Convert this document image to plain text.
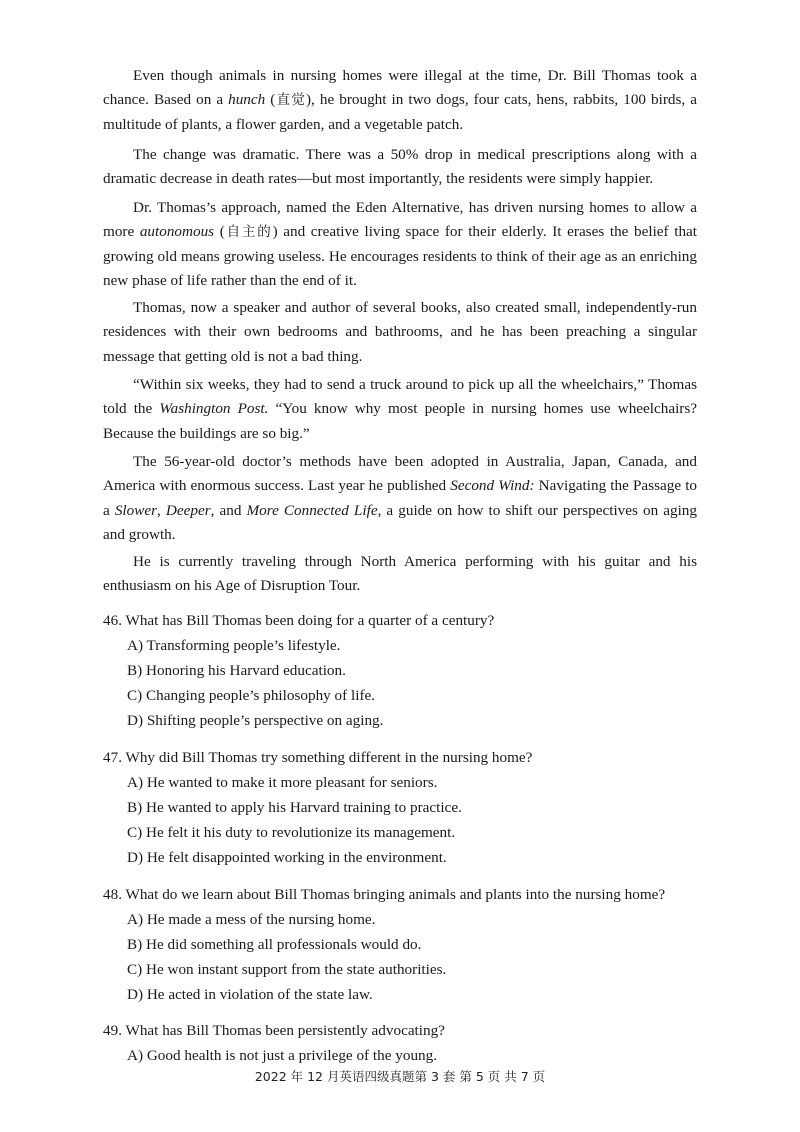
Even though animals in nursing homes were illegal at the time, Dr. Bill Thomas took a chance. Based on a hunch (直觉), he brought in two dogs, four cats, hens, rabbits, 100 birds, a multitude of plants, a flower garden, and a vegetable patch.

The change was dramatic. There was a 50% drop in medical prescriptions along with a dramatic decrease in death rates—but most importantly, the residents were simply happier.

Dr. Thomas’s approach, named the Eden Alternative, has driven nursing homes to allow a more autonomous (自主的) and creative living space for their elderly. It erases the belief that growing old means growing useless. He encourages residents to think of their age as an enriching new phase of life rather than the end of it.

Thomas, now a speaker and author of several books, also created small, independently-run residences with their own bedrooms and bathrooms, and he has been preaching a singular message that getting old is not a bad thing.

“Within six weeks, they had to send a truck around to pick up all the wheelchairs,” Thomas told the Washington Post. “You know why most people in nursing homes use wheelchairs? Because the buildings are so big.”

The 56-year-old doctor’s methods have been adopted in Australia, Japan, Canada, and America with enormous success. Last year he published Second Wind: Navigating the Passage to a Slower, Deeper, and More Connected Life, a guide on how to shift our perspectives on aging and growth.

He is currently traveling through North America performing with his guitar and his enthusiasm on his Age of Disruption Tour.

46. What has Bill Thomas been doing for a quarter of a century?
A) Transforming people’s lifestyle.
B) Honoring his Harvard education.
C) Changing people’s philosophy of life.
D) Shifting people’s perspective on aging.
47. Why did Bill Thomas try something different in the nursing home?
A) He wanted to make it more pleasant for seniors.
B) He wanted to apply his Harvard training to practice.
C) He felt it his duty to revolutionize its management.
D) He felt disappointed working in the environment.
48. What do we learn about Bill Thomas bringing animals and plants into the nursing home?
A) He made a mess of the nursing home.
B) He did something all professionals would do.
C) He won instant support from the state authorities.
D) He acted in violation of the state law.
49. What has Bill Thomas been persistently advocating?
A) Good health is not just a privilege of the young.
2022 年 12 月英语四级真题第 3 套 第 5 页 共 7 页
